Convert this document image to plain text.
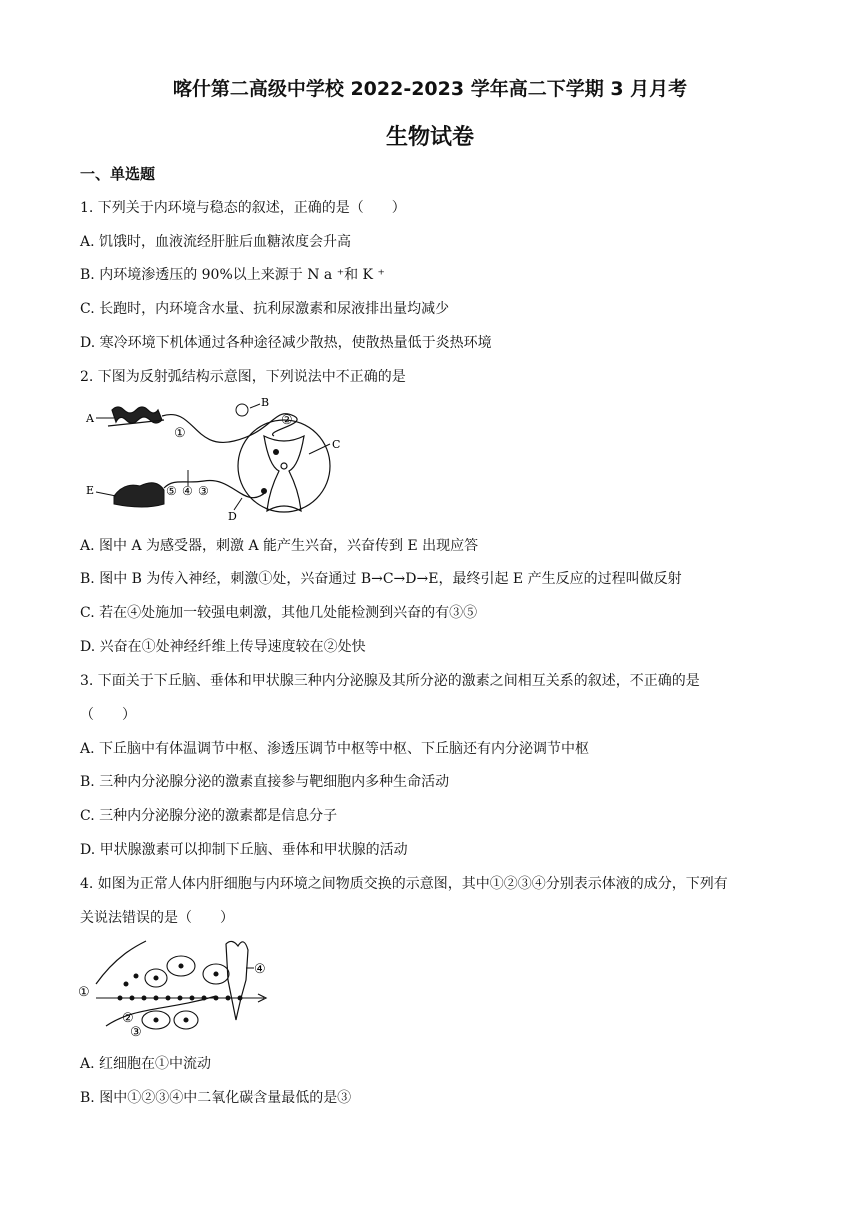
喀什第二高级中学校 2022-2023 学年高二下学期 3 月月考
生物试卷
一、单选题
1. 下列关于内环境与稳态的叙述，正确的是（　　）
A. 饥饿时，血液流经肝脏后血糖浓度会升高
B. 内环境渗透压的 90%以上来源于 N a ⁺和 K ⁺
C. 长跑时，内环境含水量、抗利尿激素和尿液排出量均减少
D. 寒冷环境下机体通过各种途径减少散热，使散热量低于炎热环境
2. 下图为反射弧结构示意图，下列说法中不正确的是
A
B
①
②
C
D
⑤ ④ ③
E
A. 图中 A 为感受器，刺激 A 能产生兴奋，兴奋传到 E 出现应答
B. 图中 B 为传入神经，刺激①处，兴奋通过 B→C→D→E，最终引起 E 产生反应的过程叫做反射
C. 若在④处施加一较强电刺激，其他几处能检测到兴奋的有③⑤
D. 兴奋在①处神经纤维上传导速度较在②处快
3. 下面关于下丘脑、垂体和甲状腺三种内分泌腺及其所分泌的激素之间相互关系的叙述，不正确的是
（　　）
A. 下丘脑中有体温调节中枢、渗透压调节中枢等中枢、下丘脑还有内分泌调节中枢
B. 三种内分泌腺分泌的激素直接参与靶细胞内多种生命活动
C. 三种内分泌腺分泌的激素都是信息分子
D. 甲状腺激素可以抑制下丘脑、垂体和甲状腺的活动
4. 如图为正常人体内肝细胞与内环境之间物质交换的示意图，其中①②③④分别表示体液的成分，下列有
关说法错误的是（　　）
④
①
②
③
A. 红细胞在①中流动
B. 图中①②③④中二氧化碳含量最低的是③
